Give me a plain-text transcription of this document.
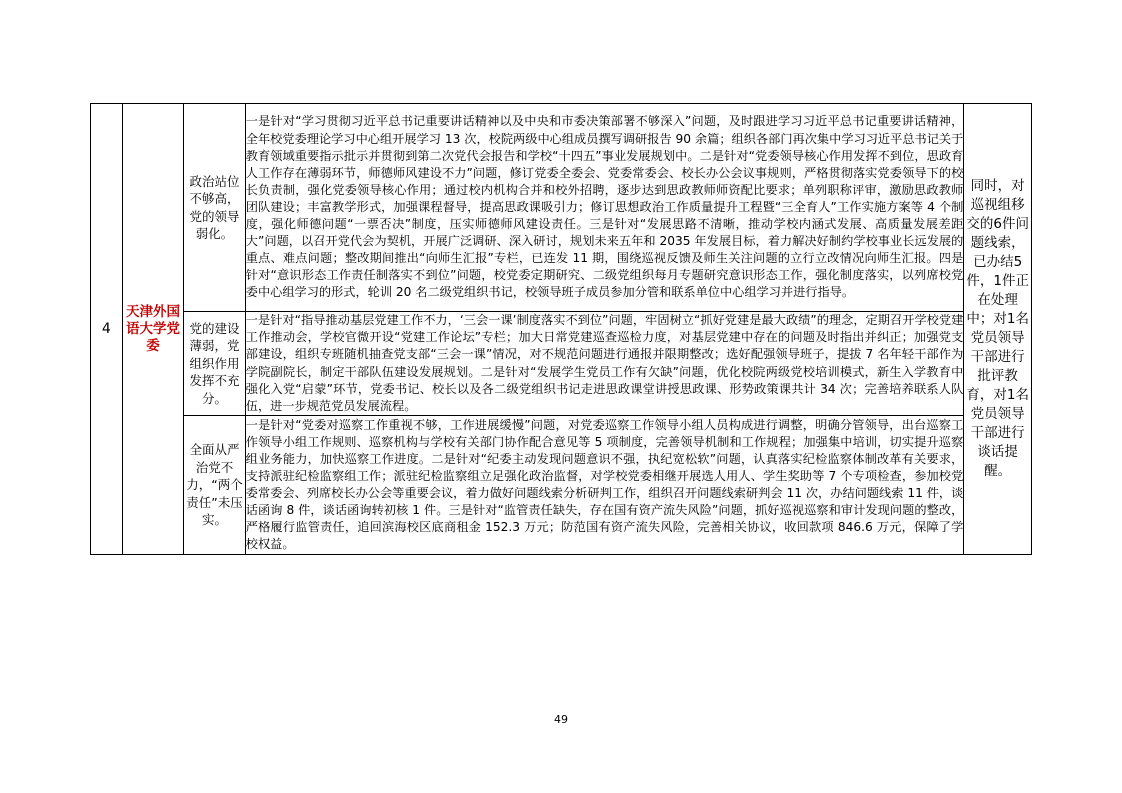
4	天津外国语大学党委	政治站位不够高，党的领导弱化。	一是针对“学习贯彻习近平总书记重要讲话精神以及中央和市委决策部署不够深入”问题，及时跟进学习习近平总书记重要讲话精神，全年校党委理论学习中心组开展学习 13 次，校院两级中心组成员撰写调研报告 90 余篇；组织各部门再次集中学习习近平总书记关于教育领域重要指示批示并贯彻到第二次党代会报告和学校“十四五”事业发展规划中。二是针对“党委领导核心作用发挥不到位，思政育人工作存在薄弱环节，师德师风建设不力”问题，修订党委全委会、党委常委会、校长办公会议事规则，严格贯彻落实党委领导下的校长负责制，强化党委领导核心作用；通过校内机构合并和校外招聘，逐步达到思政教师师资配比要求；单列职称评审，激励思政教师团队建设；丰富教学形式，加强课程督导，提高思政课吸引力；修订思想政治工作质量提升工程暨“三全育人”工作实施方案等 4 个制度，强化师德问题“一票否决”制度，压实师德师风建设责任。三是针对“发展思路不清晰，推动学校内涵式发展、高质量发展差距大”问题，以召开党代会为契机，开展广泛调研、深入研讨，规划未来五年和 2035 年发展目标，着力解决好制约学校事业长远发展的重点、难点问题；整改期间推出“向师生汇报”专栏，已连发 11 期，围绕巡视反馈及师生关注问题的立行立改情况向师生汇报。四是针对“意识形态工作责任制落实不到位”问题，校党委定期研究、二级党组织每月专题研究意识形态工作，强化制度落实，以列席校党委中心组学习的形式，轮训 20 名二级党组织书记，校领导班子成员参加分管和联系单位中心组学习并进行指导。	同时，对巡视组移交的6件问题线索，已办结5件，1件正在处理中；对1名党员领导干部进行批评教育，对1名党员领导干部进行谈话提醒。
		党的建设薄弱，党组织作用发挥不充分。	一是针对“指导推动基层党建工作不力，‘三会一课’制度落实不到位”问题，牢固树立“抓好党建是最大政绩”的理念，定期召开学校党建工作推动会，学校官微开设“党建工作论坛”专栏；加大日常党建巡查巡检力度，对基层党建中存在的问题及时指出并纠正；加强党支部建设，组织专班随机抽查党支部“三会一课”情况，对不规范问题进行通报并限期整改；选好配强领导班子，提拔 7 名年轻干部作为学院副院长，制定干部队伍建设发展规划。二是针对“发展学生党员工作有欠缺”问题，优化校院两级党校培训模式，新生入学教育中强化入党“启蒙”环节，党委书记、校长以及各二级党组织书记走进思政课堂讲授思政课、形势政策课共计 34 次；完善培养联系人队伍，进一步规范党员发展流程。	
		全面从严治党不力，“两个责任”未压实。	一是针对“党委对巡察工作重视不够，工作进展缓慢”问题，对党委巡察工作领导小组人员构成进行调整，明确分管领导，出台巡察工作领导小组工作规则、巡察机构与学校有关部门协作配合意见等 5 项制度，完善领导机制和工作规程；加强集中培训，切实提升巡察组业务能力，加快巡察工作进度。二是针对“纪委主动发现问题意识不强，执纪宽松软”问题，认真落实纪检监察体制改革有关要求，支持派驻纪检监察组工作；派驻纪检监察组立足强化政治监督，对学校党委相继开展选人用人、学生奖助等 7 个专项检查，参加校党委常委会、列席校长办公会等重要会议，着力做好问题线索分析研判工作，组织召开问题线索研判会 11 次，办结问题线索 11 件，谈话函询 8 件，谈话函询转初核 1 件。三是针对“监管责任缺失，存在国有资产流失风险”问题，抓好巡视巡察和审计发现问题的整改，严格履行监管责任，追回滨海校区底商租金 152.3 万元；防范国有资产流失风险，完善相关协议，收回款项 846.6 万元，保障了学校权益。	
49
